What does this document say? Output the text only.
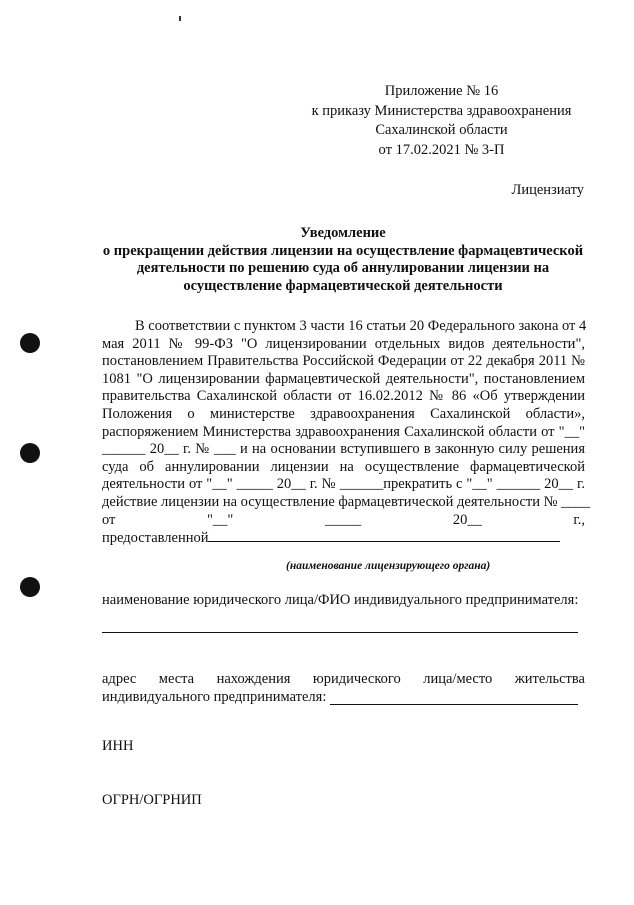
Приложение № 16
к приказу Министерства здравоохранения
Сахалинской области
от 17.02.2021 № 3-П
Лицензиату
Уведомление
о прекращении действия лицензии на осуществление фармацевтической
деятельности по решению суда об аннулировании лицензии на
осуществление фармацевтической деятельности
В соответствии с пунктом 3 части 16 статьи 20 Федерального закона от 4
мая 2011 № 99-ФЗ "О лицензировании отдельных видов деятельности",
постановлением Правительства Российской Федерации от 22 декабря 2011 №
1081 "О лицензировании фармацевтической деятельности", постановлением
правительства Сахалинской области от 16.02.2012 № 86 «Об утверждении
Положения о министерстве здравоохранения Сахалинской области»,
распоряжением Министерства здравоохранения Сахалинской области от "__"
______ 20__ г. № ___ и на основании вступившего в законную силу решения
суда об аннулировании лицензии на осуществление фармацевтической
деятельности от "__" _____ 20__ г. № ______прекратить с "__" ______ 20__ г.
действие лицензии на осуществление фармацевтической деятельности № ____
от "__" _____ 20__ г.,
предоставленной
(наименование лицензирующего органа)
наименование юридического лица/ФИО индивидуального предпринимателя:
адрес места нахождения юридического лица/место жительства
индивидуального предпринимателя:
ИНН
ОГРН/ОГРНИП
